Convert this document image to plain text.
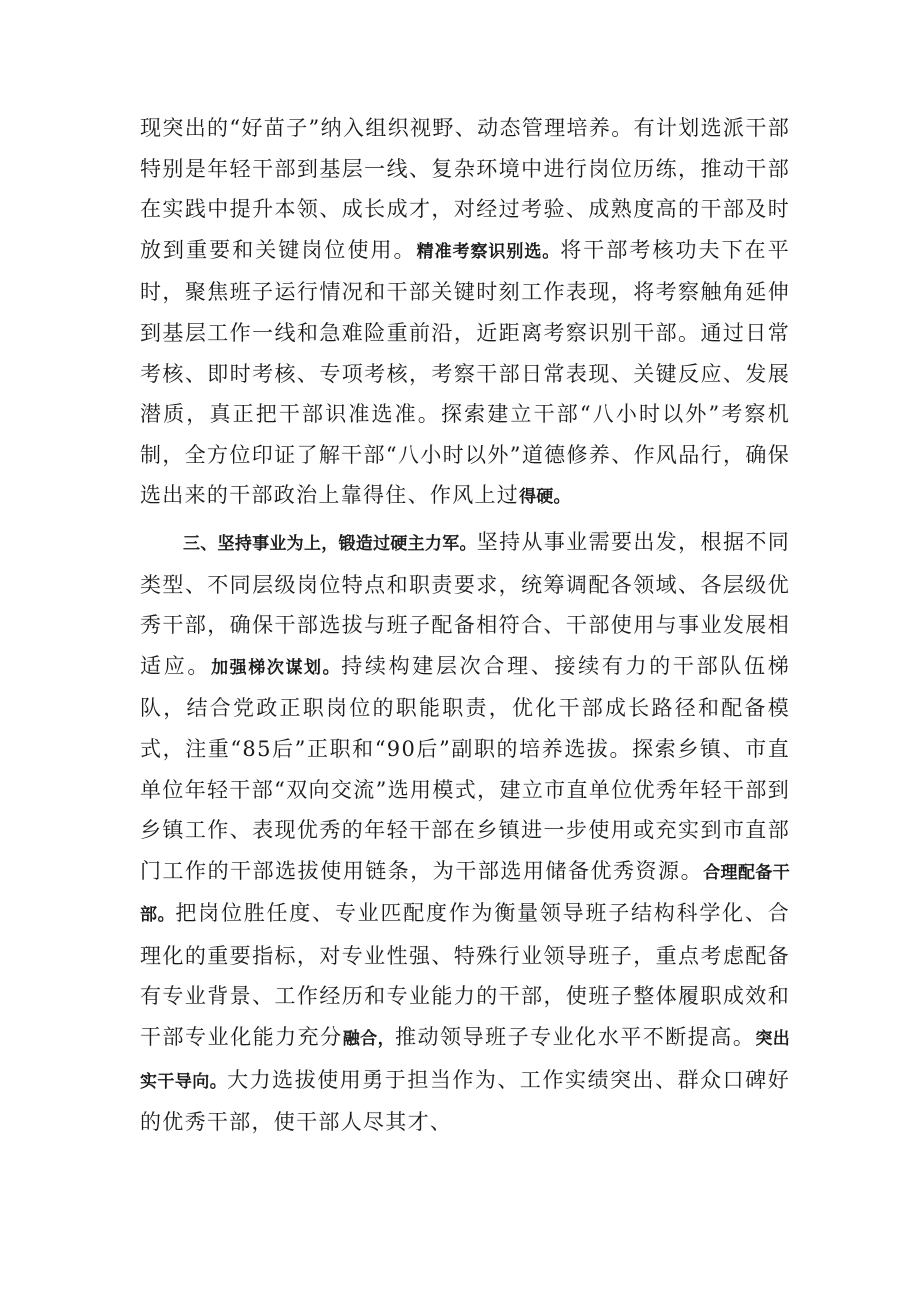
现突出的“好苗子”纳入组织视野、动态管理培养。有计划选派干部特别是年轻干部到基层一线、复杂环境中进行岗位历练，推动干部在实践中提升本领、成长成才，对经过考验、成熟度高的干部及时放到重要和关键岗位使用。精准考察识别选。将干部考核功夫下在平时，聚焦班子运行情况和干部关键时刻工作表现，将考察触角延伸到基层工作一线和急难险重前沿，近距离考察识别干部。通过日常考核、即时考核、专项考核，考察干部日常表现、关键反应、发展潜质，真正把干部识准选准。探索建立干部“八小时以外”考察机制，全方位印证了解干部“八小时以外”道德修养、作风品行，确保选出来的干部政治上靠得住、作风上过得硬。

三、坚持事业为上，锻造过硬主力军。坚持从事业需要出发，根据不同类型、不同层级岗位特点和职责要求，统筹调配各领域、各层级优秀干部，确保干部选拔与班子配备相符合、干部使用与事业发展相适应。加强梯次谋划。持续构建层次合理、接续有力的干部队伍梯队，结合党政正职岗位的职能职责，优化干部成长路径和配备模式，注重“85后”正职和“90后”副职的培养选拔。探索乡镇、市直单位年轻干部“双向交流”选用模式，建立市直单位优秀年轻干部到乡镇工作、表现优秀的年轻干部在乡镇进一步使用或充实到市直部门工作的干部选拔使用链条，为干部选用储备优秀资源。合理配备干部。把岗位胜任度、专业匹配度作为衡量领导班子结构科学化、合理化的重要指标，对专业性强、特殊行业领导班子，重点考虑配备有专业背景、工作经历和专业能力的干部，使班子整体履职成效和干部专业化能力充分融合，推动领导班子专业化水平不断提高。突出实干导向。大力选拔使用勇于担当作为、工作实绩突出、群众口碑好的优秀干部，使干部人尽其才、
